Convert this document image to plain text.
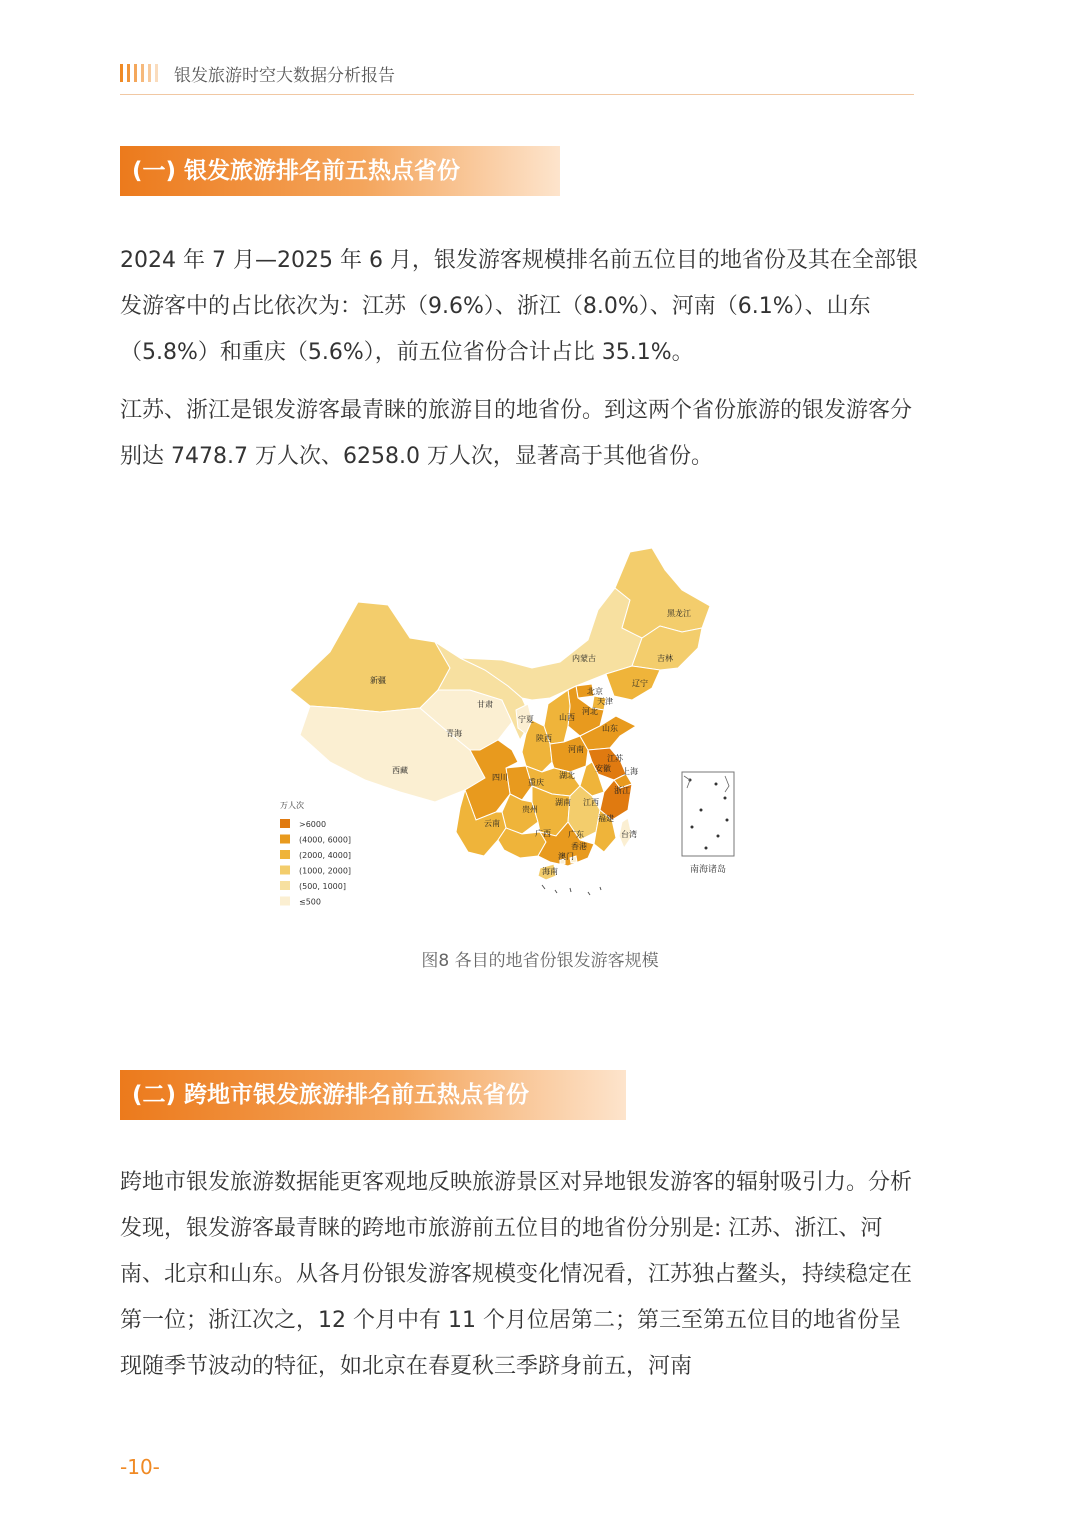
银发旅游时空大数据分析报告
(一) 银发旅游排名前五热点省份

2024 年 7 月—2025 年 6 月，银发游客规模排名前五位目的地省份及其在全部银发游客中的占比依次为：江苏（9.6%）、浙江（8.0%）、河南（6.1%）、山东（5.8%）和重庆（5.6%），前五位省份合计占比 35.1%。

江苏、浙江是银发游客最青睐的旅游目的地省份。到这两个省份旅游的银发游客分别达 7478.7 万人次、6258.0 万人次，显著高于其他省份。

新疆
西藏
青海
甘肃
内蒙古
黑龙江
吉林
辽宁
北京
天津
河北
山西
宁夏
陕西
河南
山东
江苏
上海
安徽
浙江
湖北
重庆
四川
贵州
湖南 江西
福建
云南
广西 广东	台湾
香港
澳门
海南	南海诸岛
万人次
>6000
(4000, 6000]
(2000, 4000]
(1000, 2000]
(500, 1000]
≤500
图8 各目的地省份银发游客规模
(二) 跨地市银发旅游排名前五热点省份

跨地市银发旅游数据能更客观地反映旅游景区对异地银发游客的辐射吸引力。分析发现，银发游客最青睐的跨地市旅游前五位目的地省份分别是: 江苏、浙江、河南、北京和山东。从各月份银发游客规模变化情况看，江苏独占鳌头，持续稳定在第一位；浙江次之，12 个月中有 11 个月位居第二；第三至第五位目的地省份呈现随季节波动的特征，如北京在春夏秋三季跻身前五，河南

-10-
